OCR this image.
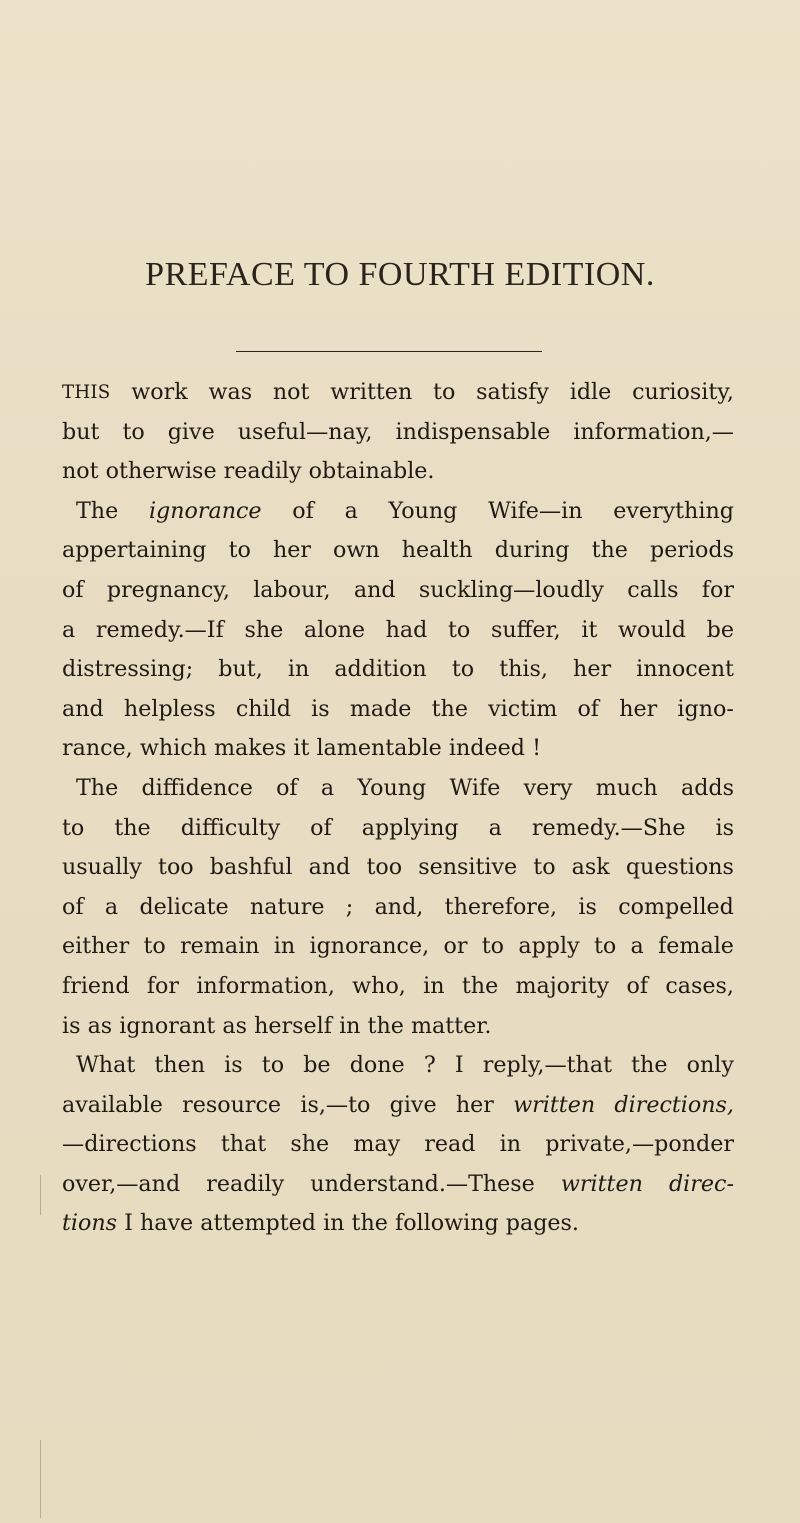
PREFACE TO FOURTH EDITION.
THIS work was not written to satisfy idle curiosity,
but to give useful—nay, indispensable information,—
not otherwise readily obtainable.
The ignorance of a Young Wife—in everything
appertaining to her own health during the periods
of pregnancy, labour, and suckling—loudly calls for
a remedy.—If she alone had to suffer, it would be
distressing; but, in addition to this, her innocent
and helpless child is made the victim of her igno-
rance, which makes it lamentable indeed !
The diffidence of a Young Wife very much adds
to the difficulty of applying a remedy.—She is
usually too bashful and too sensitive to ask questions
of a delicate nature ; and, therefore, is compelled
either to remain in ignorance, or to apply to a female
friend for information, who, in the majority of cases,
is as ignorant as herself in the matter.
What then is to be done ? I reply,—that the only
available resource is,—to give her written directions,
—directions that she may read in private,—ponder
over,—and readily understand.—These written direc-
tions I have attempted in the following pages.
